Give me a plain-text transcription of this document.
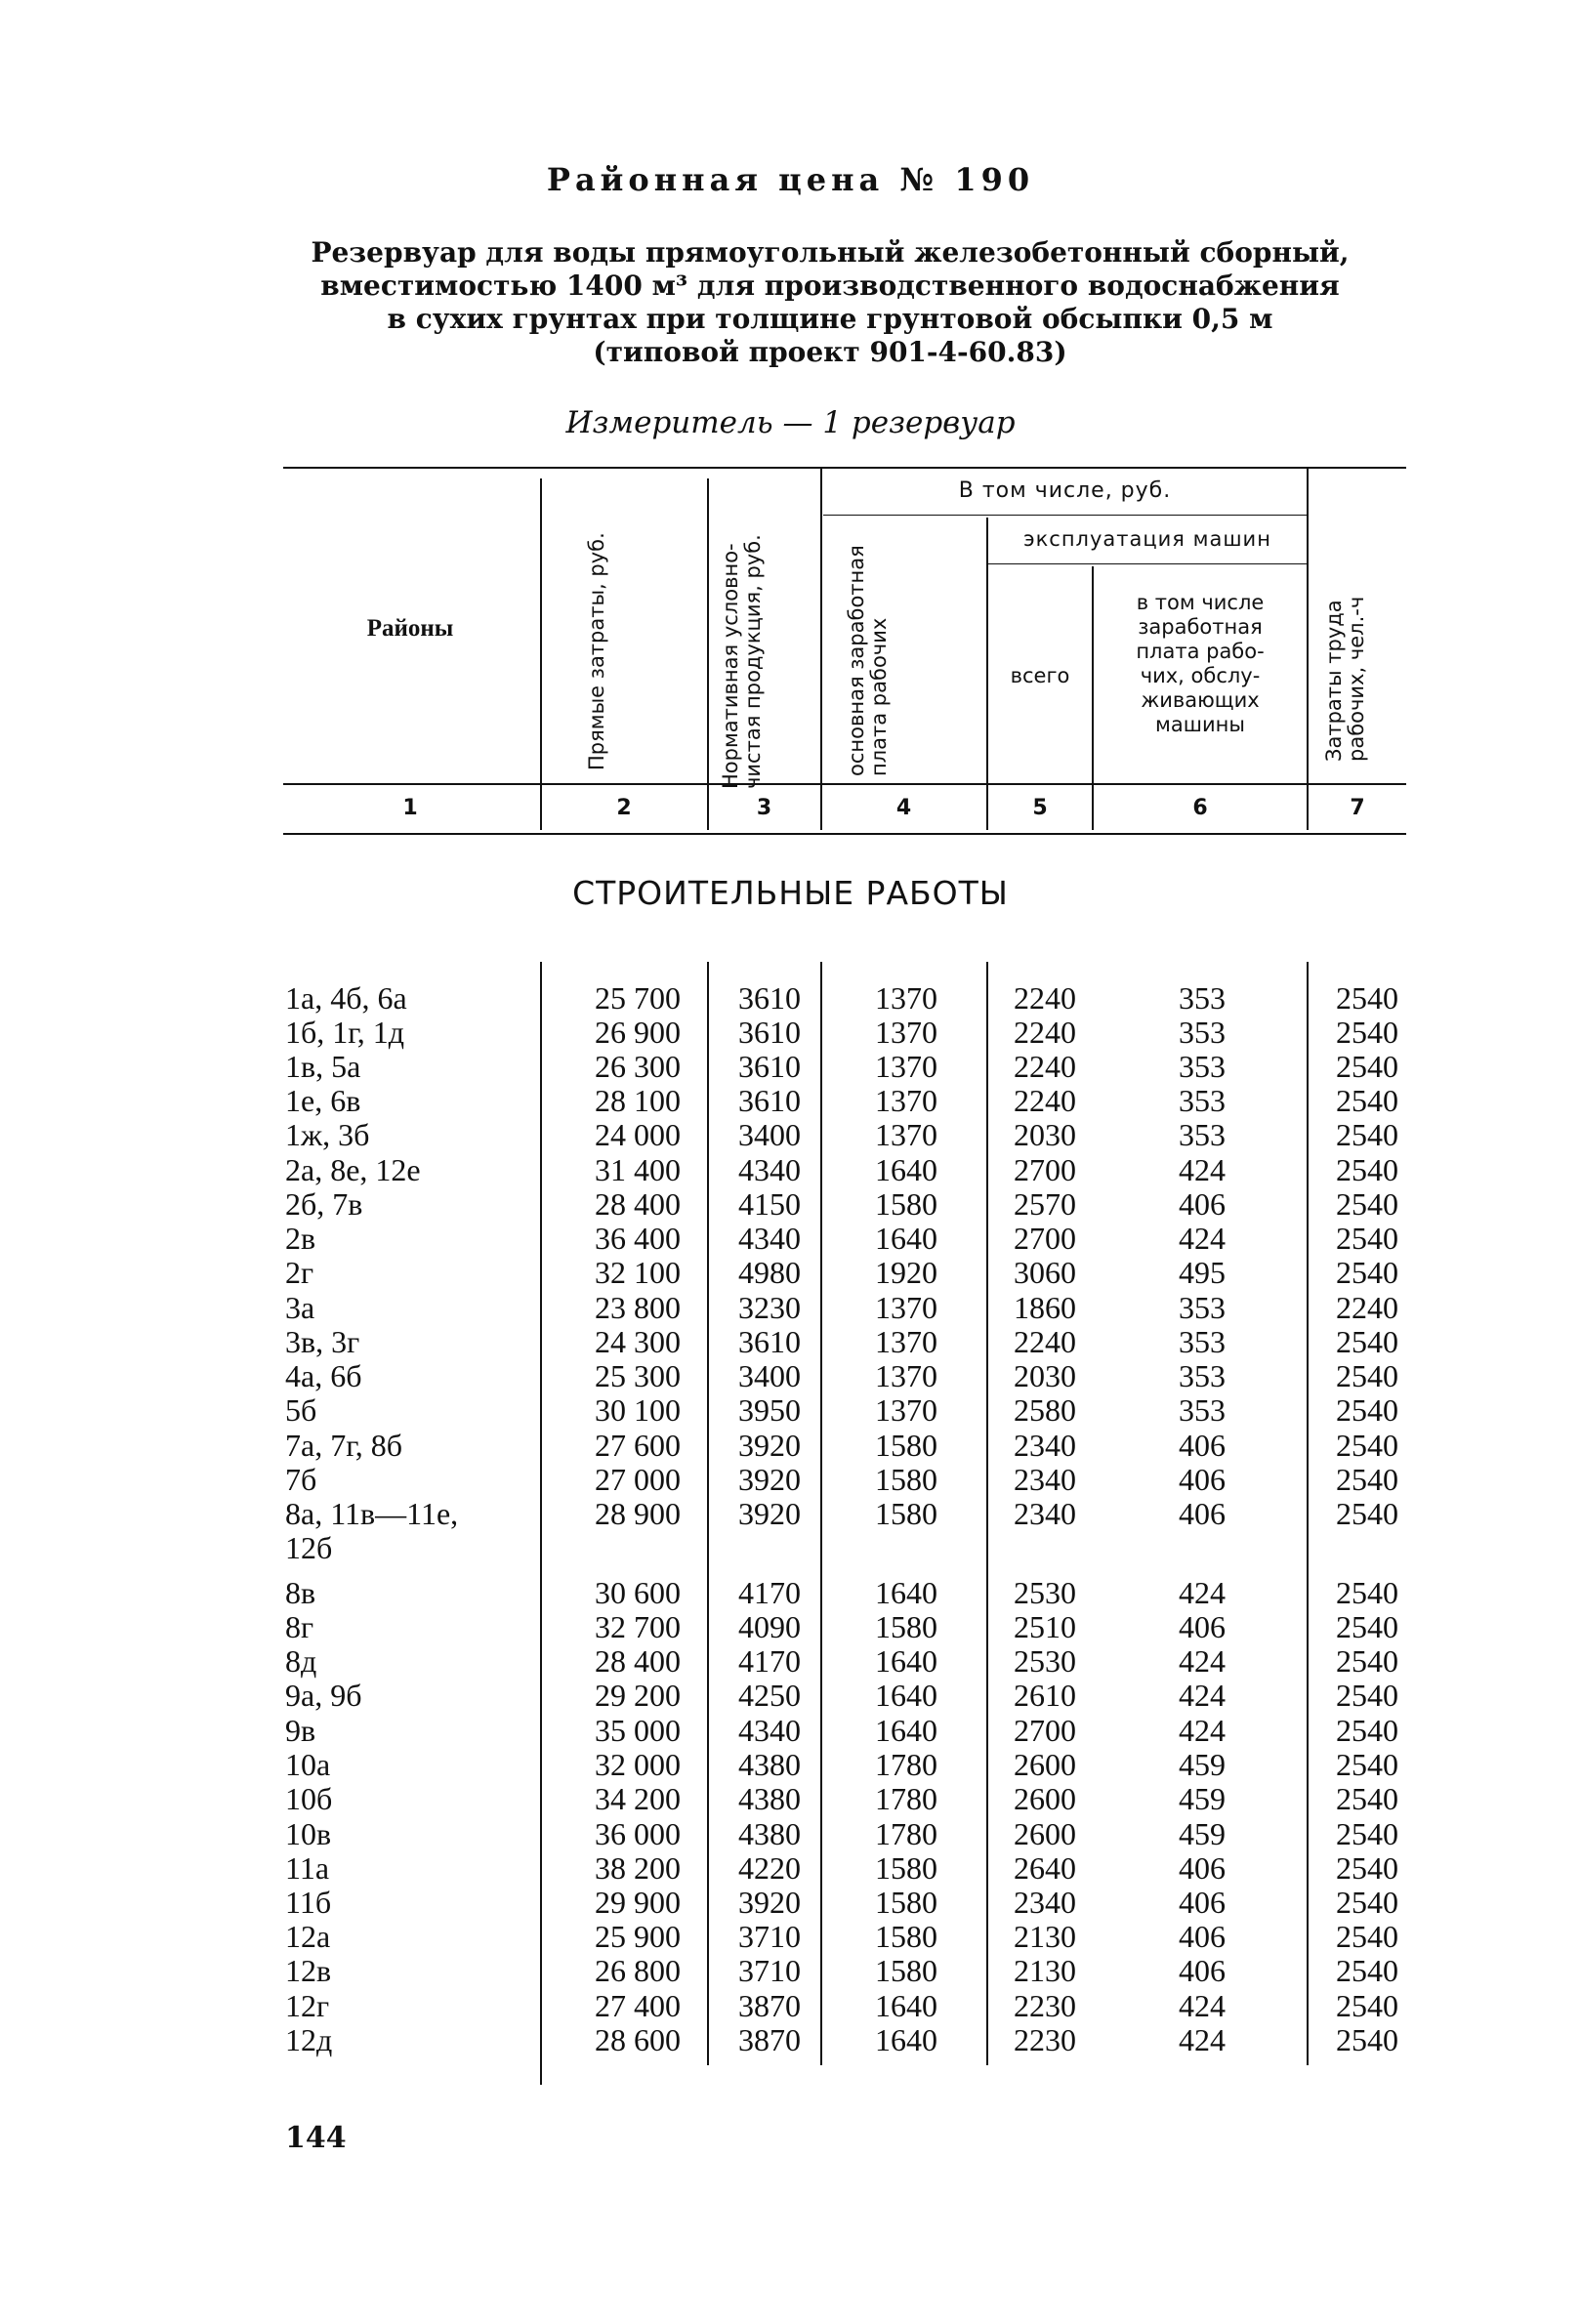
Районная цена № 190
Резервуар для воды прямоугольный железобетонный сборный,
вместимостью 1400 м³ для производственного водоснабжения
в сухих грунтах при толщине грунтовой обсыпки 0,5 м
(типовой проект 901-4-60.83)
Измеритель — 1 резервуар
Районы	Прямые затраты, руб.	Нормативная условно-чистая продукция, руб.
В том числе, руб.
основная заработная плата рабочих
эксплуатация машин
всего
в том числе
заработная
плата рабо-
чих, обслу-
живающих
машины	Затраты труда рабочих, чел.-ч
1	2	3	4	5	6	7
СТРОИТЕЛЬНЫЕ РАБОТЫ
1а, 4б, 6а	25 700	3610	1370	2240	353	2540
1б, 1г, 1д	26 900	3610	1370	2240	353	2540
1в, 5а	26 300	3610	1370	2240	353	2540
1е, 6в	28 100	3610	1370	2240	353	2540
1ж, 3б	24 000	3400	1370	2030	353	2540
2а, 8е, 12е	31 400	4340	1640	2700	424	2540
2б, 7в	28 400	4150	1580	2570	406	2540
2в	36 400	4340	1640	2700	424	2540
2г	32 100	4980	1920	3060	495	2540
3а	23 800	3230	1370	1860	353	2240
3в, 3г	24 300	3610	1370	2240	353	2540
4а, 6б	25 300	3400	1370	2030	353	2540
5б	30 100	3950	1370	2580	353	2540
7а, 7г, 8б	27 600	3920	1580	2340	406	2540
7б	27 000	3920	1580	2340	406	2540
8а, 11в—11е,	28 900	3920	1580	2340	406	2540
12б
8в	30 600	4170	1640	2530	424	2540
8г	32 700	4090	1580	2510	406	2540
8д	28 400	4170	1640	2530	424	2540
9а, 9б	29 200	4250	1640	2610	424	2540
9в	35 000	4340	1640	2700	424	2540
10а	32 000	4380	1780	2600	459	2540
10б	34 200	4380	1780	2600	459	2540
10в	36 000	4380	1780	2600	459	2540
11а	38 200	4220	1580	2640	406	2540
11б	29 900	3920	1580	2340	406	2540
12а	25 900	3710	1580	2130	406	2540
12в	26 800	3710	1580	2130	406	2540
12г	27 400	3870	1640	2230	424	2540
12д	28 600	3870	1640	2230	424	2540
144
